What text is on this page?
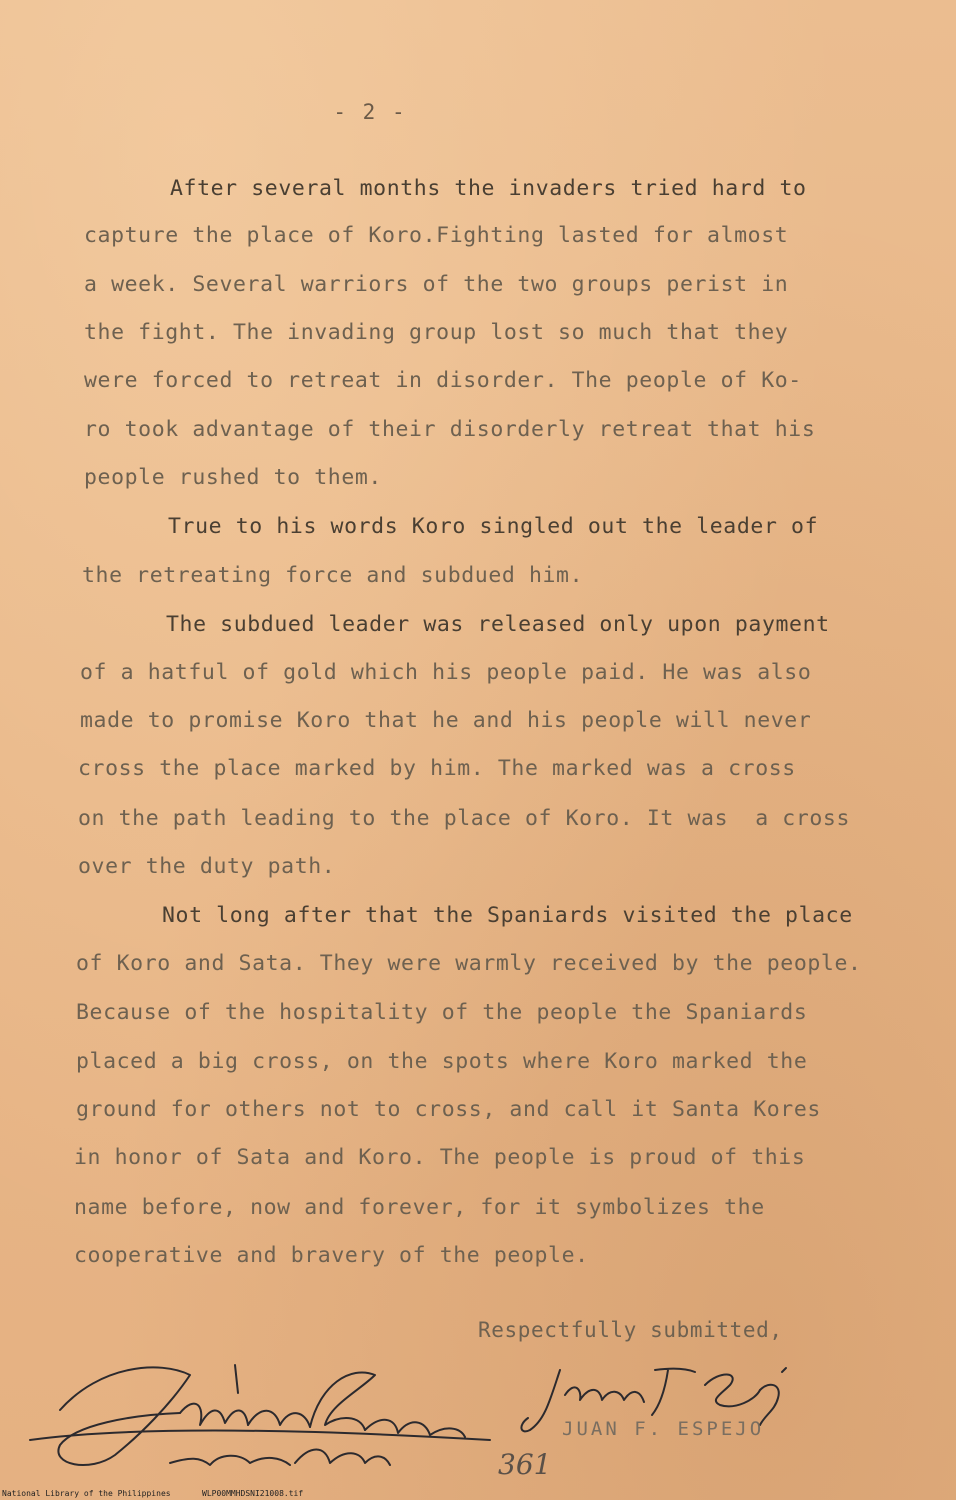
- 2 -
After several months the invaders tried hard to
capture the place of Koro.Fighting lasted for almost
a week. Several warriors of the two groups perist in
the fight. The invading group lost so much that they
were forced to retreat in disorder. The people of Ko-
ro took advantage of their disorderly retreat that his
people rushed to them.
True to his words Koro singled out the leader of
the retreating force and subdued him.
The subdued leader was released only upon payment
of a hatful of gold which his people paid. He was also
made to promise Koro that he and his people will never
cross the place marked by him. The marked was a cross
on the path leading to the place of Koro. It was  a cross
over the duty path.
Not long after that the Spaniards visited the place
of Koro and Sata. They were warmly received by the people.
Because of the hospitality of the people the Spaniards
placed a big cross, on the spots where Koro marked the
ground for others not to cross, and call it Santa Kores
in honor of Sata and Koro. The people is proud of this
name before, now and forever, for it symbolizes the
cooperative and bravery of the people.
Respectfully submitted,
JUAN F. ESPEJO
361
National Library of the Philippines	WLP00MMHDSNI21008.tif
